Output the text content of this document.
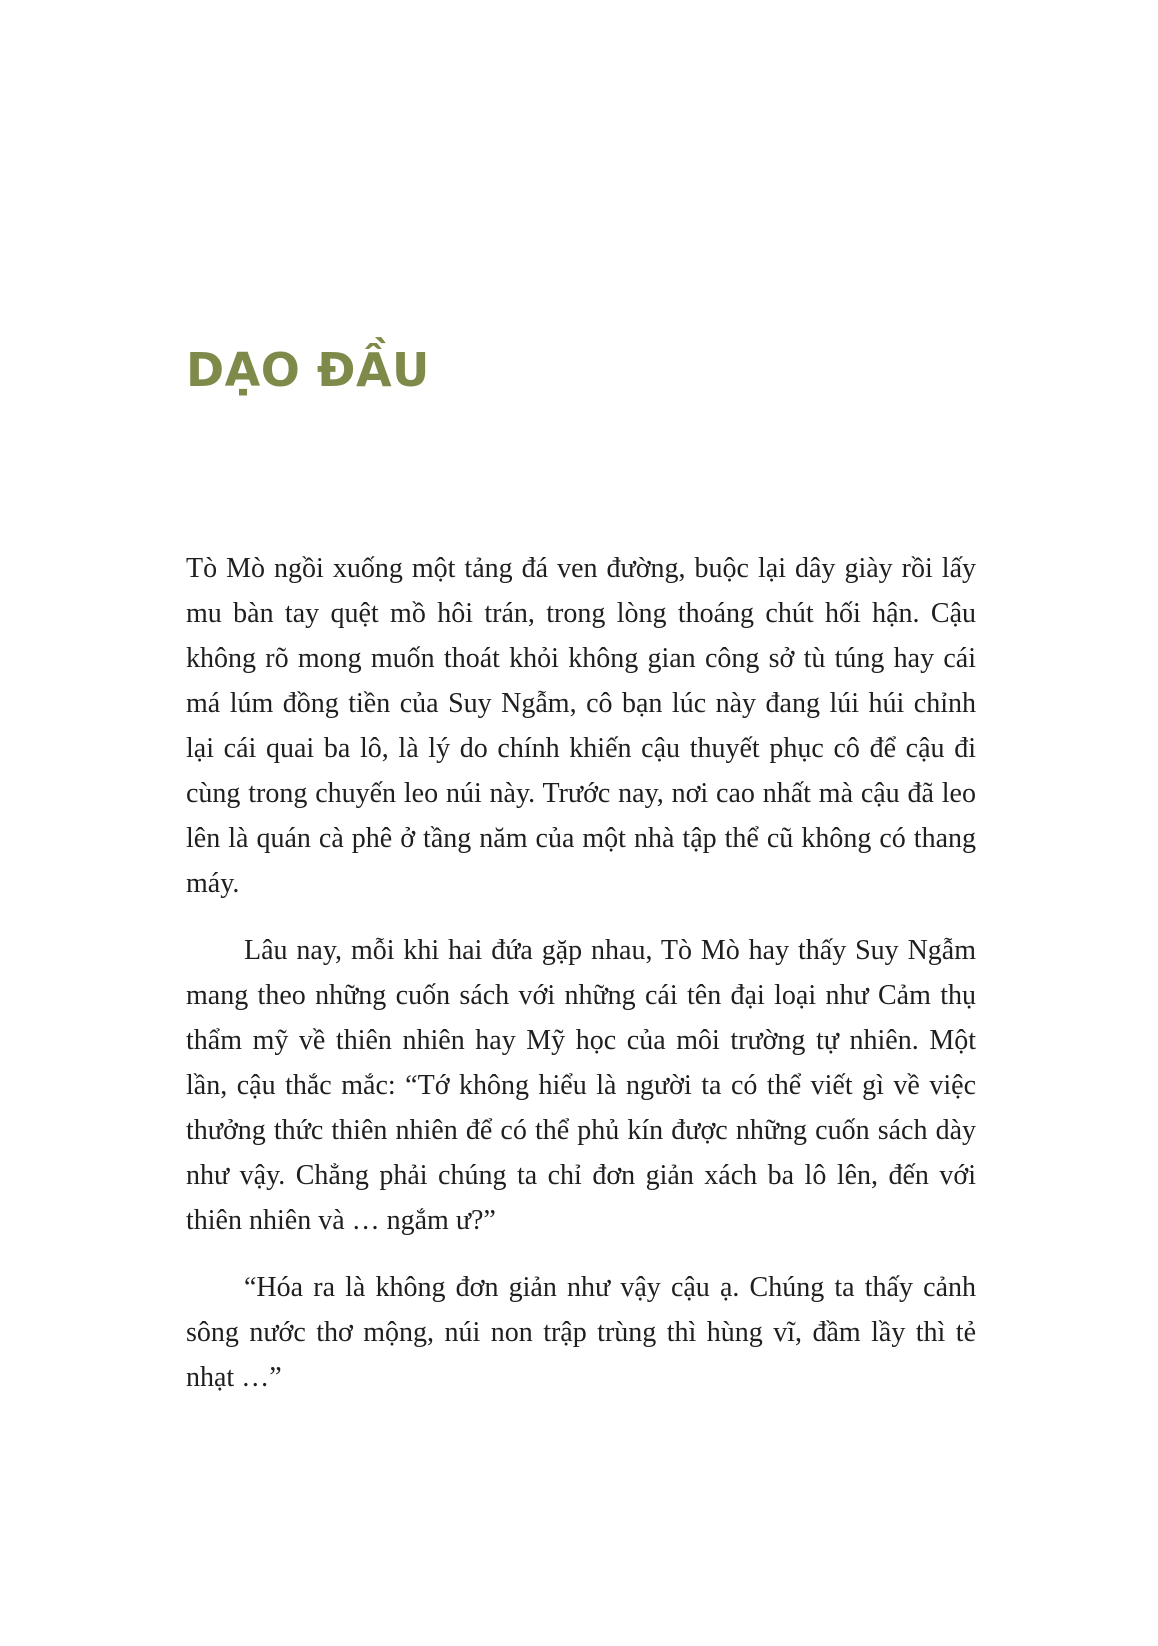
DẠO ĐẦU

Tò Mò ngồi xuống một tảng đá ven đường, buộc lại dây giày rồi lấy mu bàn tay quệt mồ hôi trán, trong lòng thoáng chút hối hận. Cậu không rõ mong muốn thoát khỏi không gian công sở tù túng hay cái má lúm đồng tiền của Suy Ngẫm, cô bạn lúc này đang lúi húi chỉnh lại cái quai ba lô, là lý do chính khiến cậu thuyết phục cô để cậu đi cùng trong chuyến leo núi này. Trước nay, nơi cao nhất mà cậu đã leo lên là quán cà phê ở tầng năm của một nhà tập thể cũ không có thang máy.

Lâu nay, mỗi khi hai đứa gặp nhau, Tò Mò hay thấy Suy Ngẫm mang theo những cuốn sách với những cái tên đại loại như Cảm thụ thẩm mỹ về thiên nhiên hay Mỹ học của môi trường tự nhiên. Một lần, cậu thắc mắc: “Tớ không hiểu là người ta có thể viết gì về việc thưởng thức thiên nhiên để có thể phủ kín được những cuốn sách dày như vậy. Chẳng phải chúng ta chỉ đơn giản xách ba lô lên, đến với thiên nhiên và … ngắm ư?”

“Hóa ra là không đơn giản như vậy cậu ạ. Chúng ta thấy cảnh sông nước thơ mộng, núi non trập trùng thì hùng vĩ, đầm lầy thì tẻ nhạt …”
